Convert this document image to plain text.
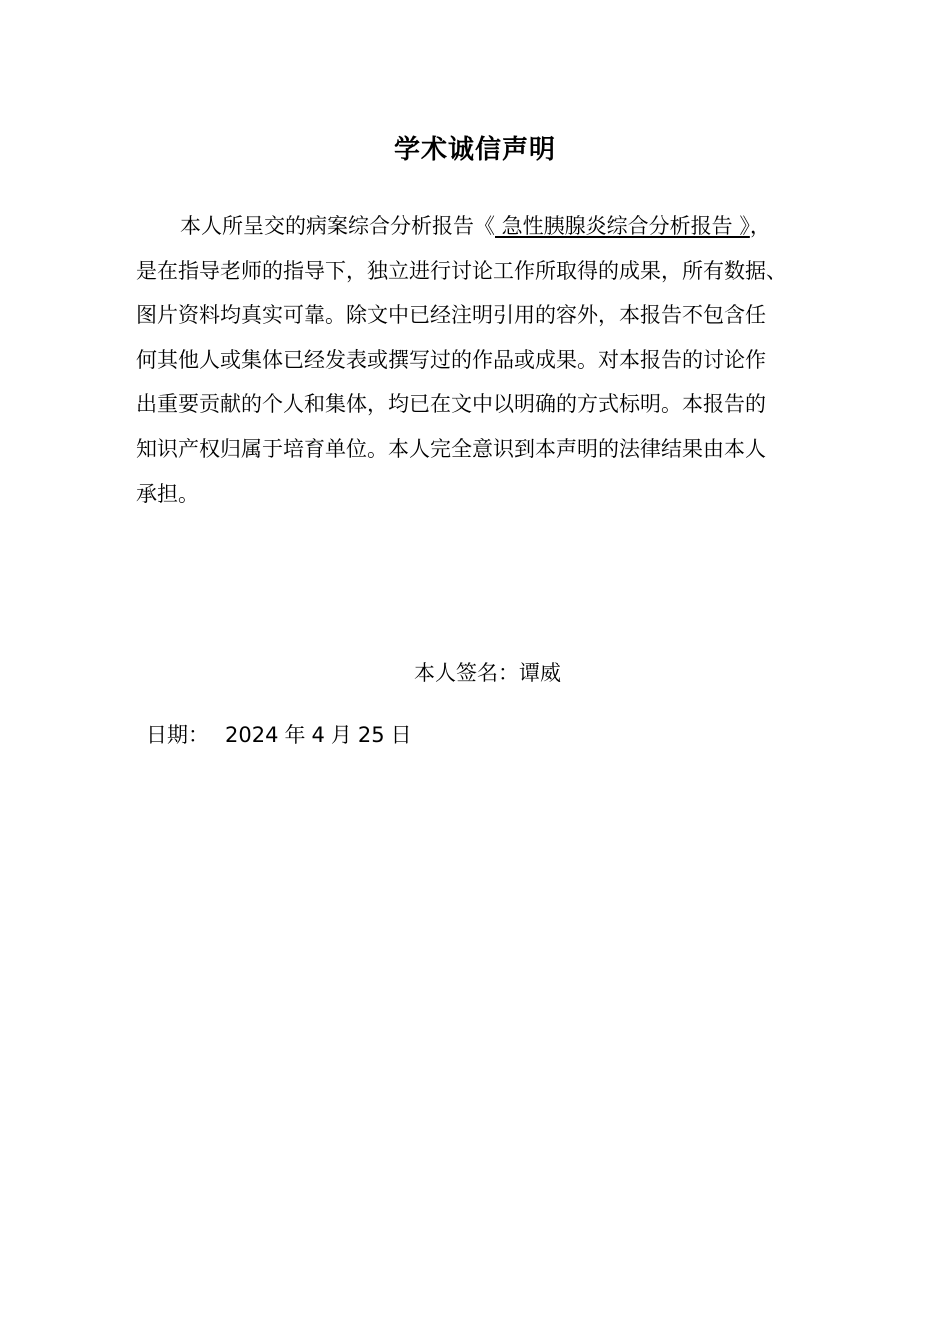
学术诚信声明
本人所呈交的病案综合分析报告《 急性胰腺炎综合分析报告 》，
是在指导老师的指导下，独立进行讨论工作所取得的成果，所有数据、
图片资料均真实可靠。除文中已经注明引用的容外，本报告不包含任
何其他人或集体已经发表或撰写过的作品或成果。对本报告的讨论作
出重要贡献的个人和集体，均已在文中以明确的方式标明。本报告的
知识产权归属于培育单位。本人完全意识到本声明的法律结果由本人
承担。
本人签名：谭威
日期： 2024 年 4 月 25 日
